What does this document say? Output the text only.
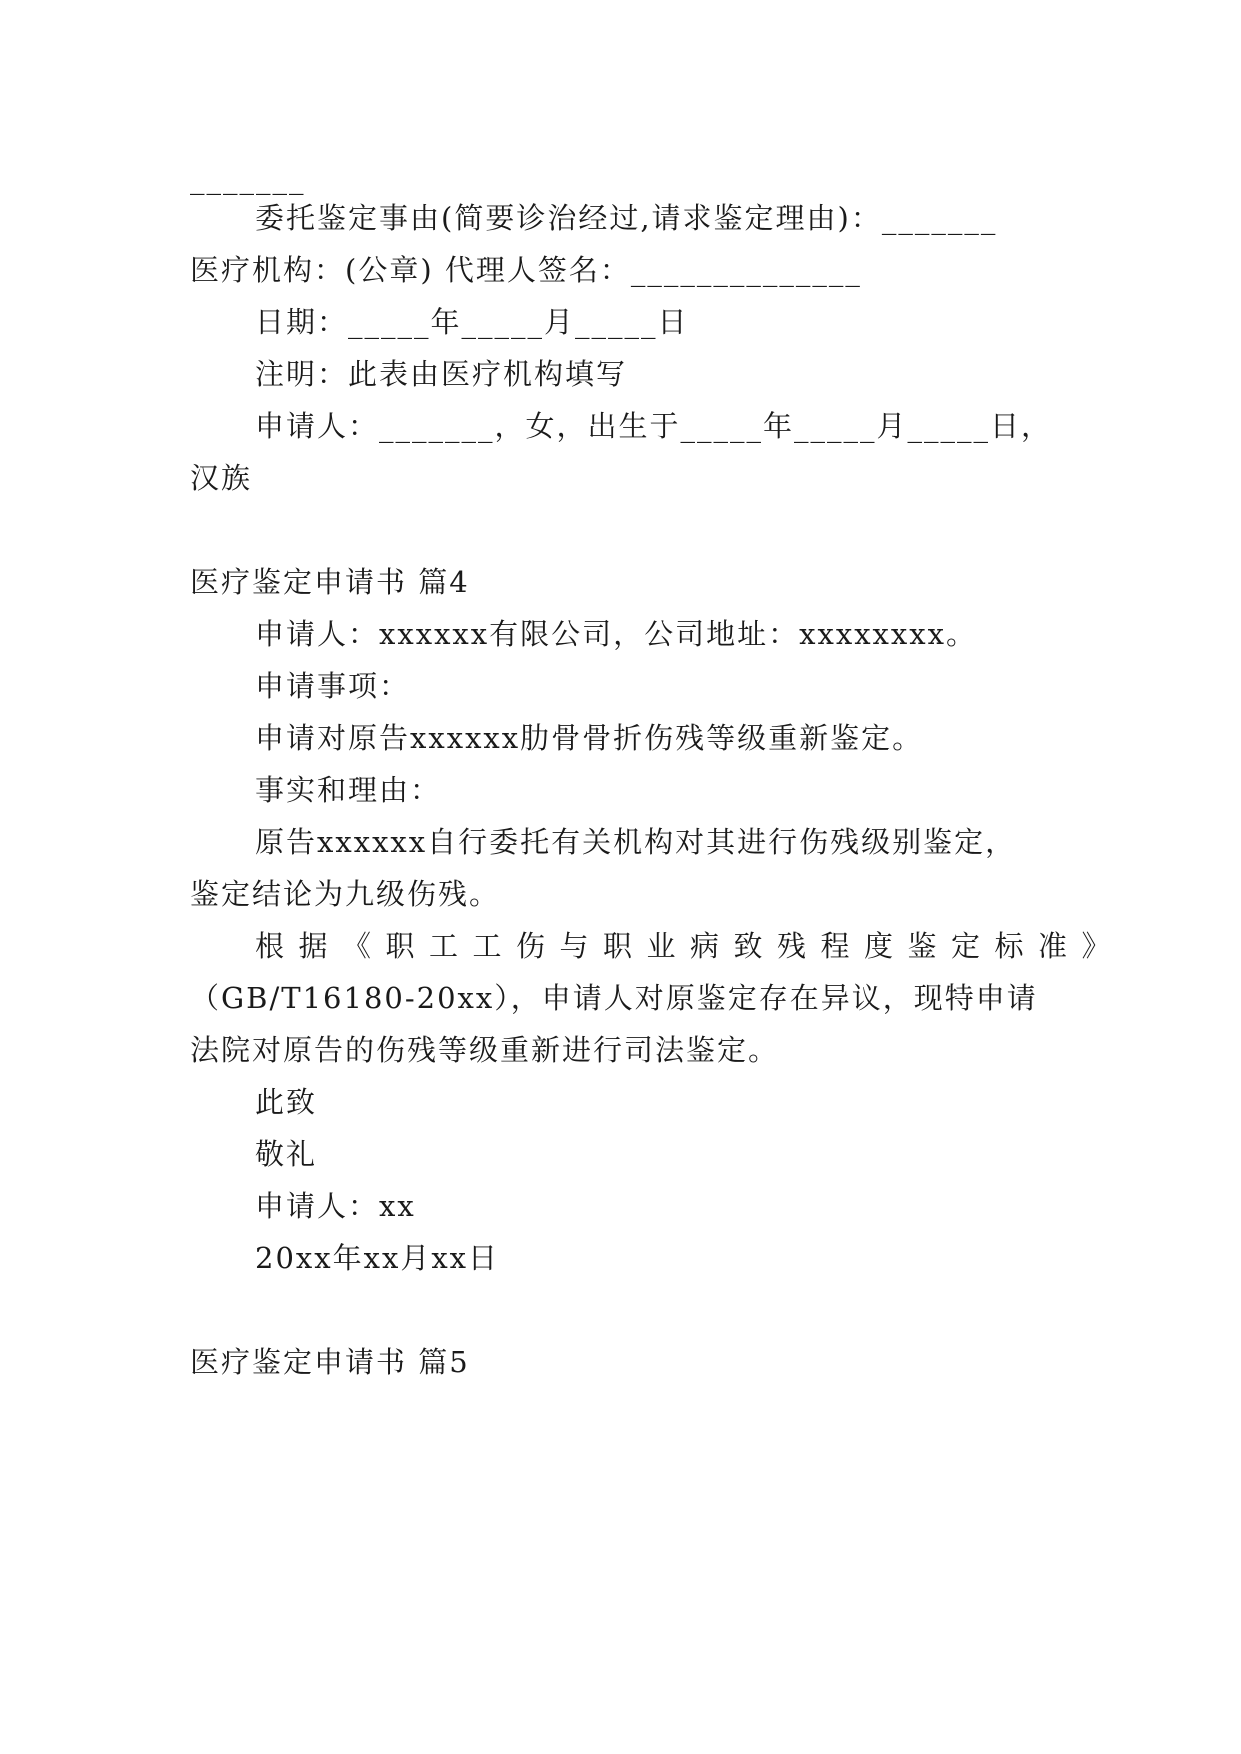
_______
委托鉴定事由(简要诊治经过,请求鉴定理由)：_______
医疗机构：(公章) 代理人签名：______________
日期：_____年_____月_____日
注明：此表由医疗机构填写
申请人：_______，女，出生于_____年_____月_____日，
汉族
医疗鉴定申请书 篇4
申请人：xxxxxx有限公司，公司地址：xxxxxxxx。
申请事项：
申请对原告xxxxxx肋骨骨折伤残等级重新鉴定。
事实和理由：
原告xxxxxx自行委托有关机构对其进行伤残级别鉴定，
鉴定结论为九级伤残。
根据《职工工伤与职业病致残程度鉴定标准》
（GB/T16180-20xx），申请人对原鉴定存在异议，现特申请
法院对原告的伤残等级重新进行司法鉴定。
此致
敬礼
申请人：xx
20xx年xx月xx日
医疗鉴定申请书 篇5
